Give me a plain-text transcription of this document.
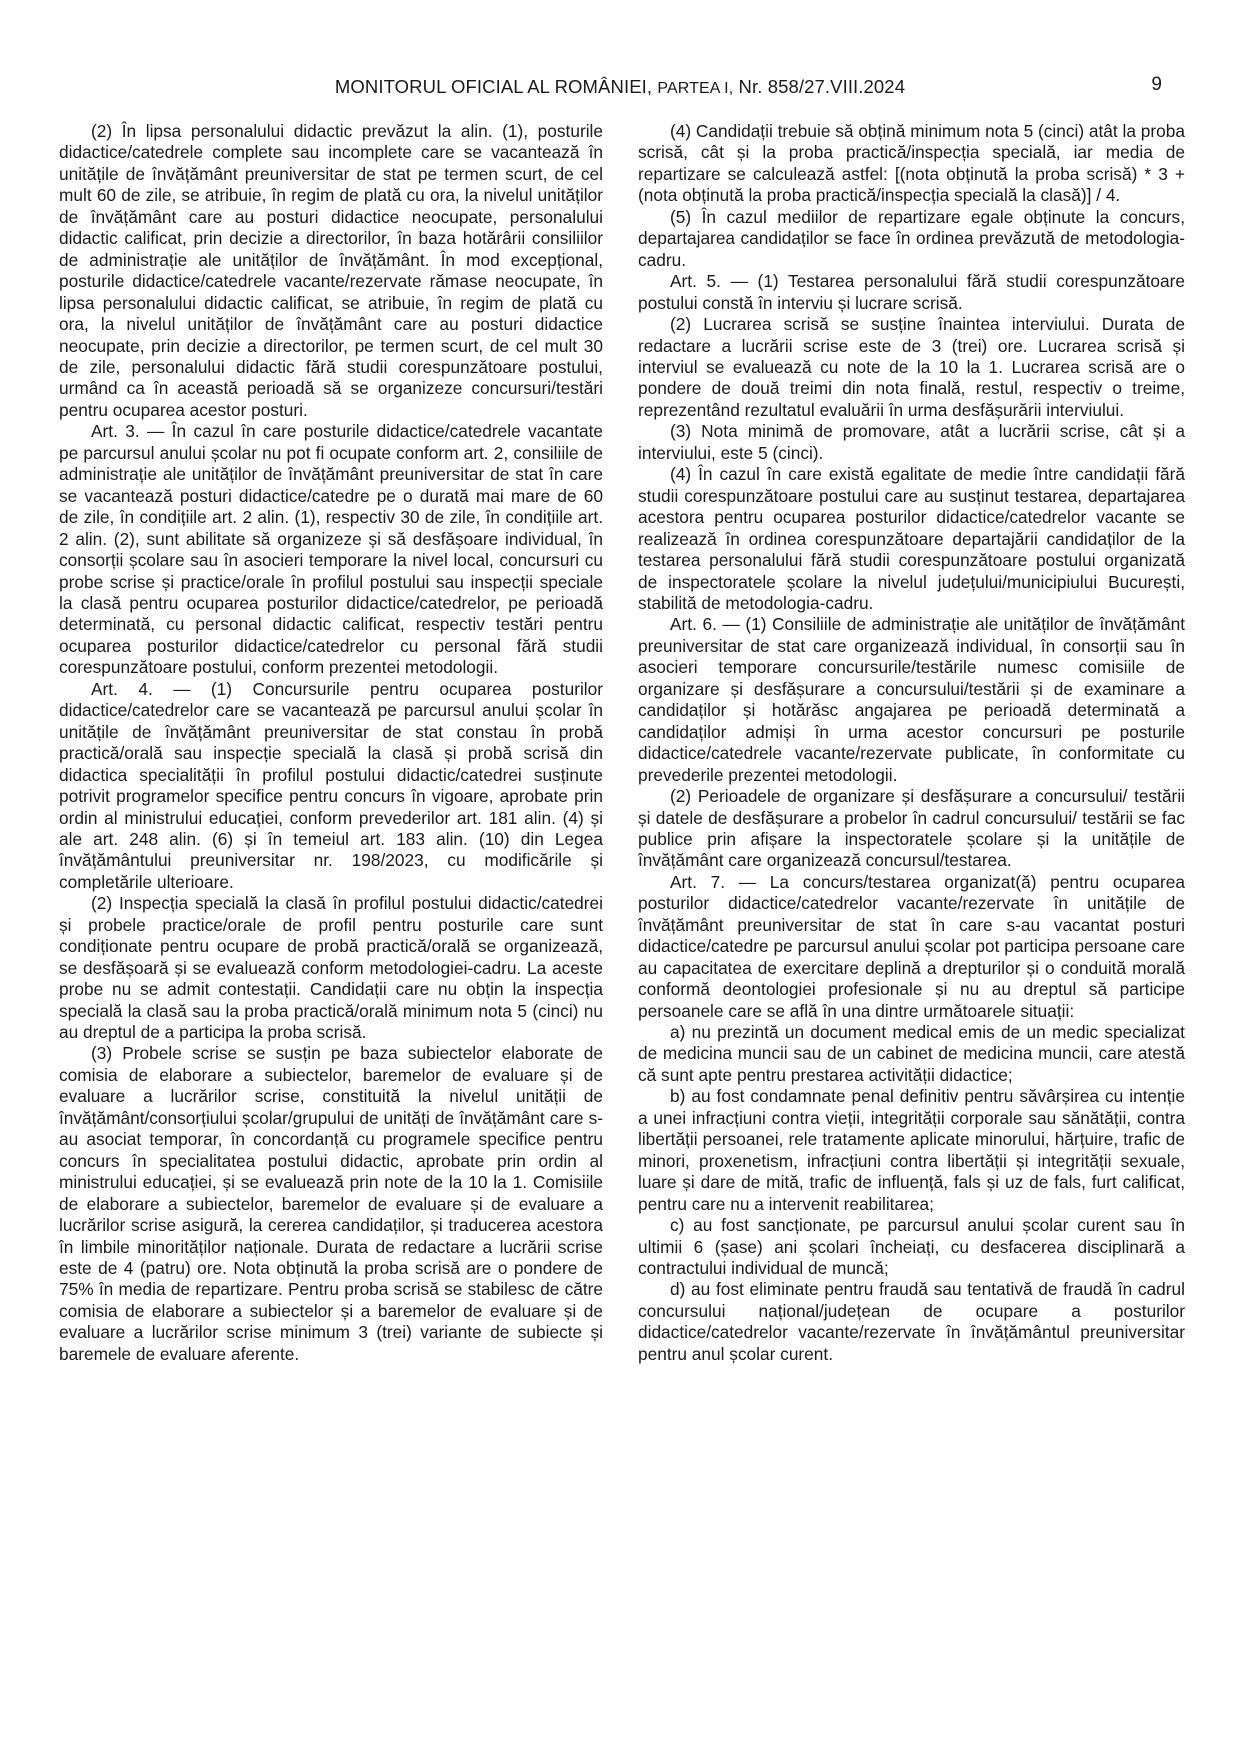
MONITORUL OFICIAL AL ROMÂNIEI, PARTEA I, Nr. 858/27.VIII.2024	9

(2) În lipsa personalului didactic prevăzut la alin. (1), posturile didactice/catedrele complete sau incomplete care se vacantează în unitățile de învățământ preuniversitar de stat pe termen scurt, de cel mult 60 de zile, se atribuie, în regim de plată cu ora, la nivelul unităților de învățământ care au posturi didactice neocupate, personalului didactic calificat, prin decizie a directorilor, în baza hotărârii consiliilor de administrație ale unităților de învățământ. În mod excepțional, posturile didactice/catedrele vacante/rezervate rămase neocupate, în lipsa personalului didactic calificat, se atribuie, în regim de plată cu ora, la nivelul unităților de învățământ care au posturi didactice neocupate, prin decizie a directorilor, pe termen scurt, de cel mult 30 de zile, personalului didactic fără studii corespunzătoare postului, urmând ca în această perioadă să se organizeze concursuri/testări pentru ocuparea acestor posturi.

Art. 3. — În cazul în care posturile didactice/catedrele vacantate pe parcursul anului școlar nu pot fi ocupate conform art. 2, consiliile de administrație ale unităților de învățământ preuniversitar de stat în care se vacantează posturi didactice/catedre pe o durată mai mare de 60 de zile, în condițiile art. 2 alin. (1), respectiv 30 de zile, în condițiile art. 2 alin. (2), sunt abilitate să organizeze și să desfășoare individual, în consorții școlare sau în asocieri temporare la nivel local, concursuri cu probe scrise și practice/orale în profilul postului sau inspecții speciale la clasă pentru ocuparea posturilor didactice/catedrelor, pe perioadă determinată, cu personal didactic calificat, respectiv testări pentru ocuparea posturilor didactice/catedrelor cu personal fără studii corespunzătoare postului, conform prezentei metodologii.

Art. 4. — (1) Concursurile pentru ocuparea posturilor didactice/catedrelor care se vacantează pe parcursul anului școlar în unitățile de învățământ preuniversitar de stat constau în probă practică/orală sau inspecție specială la clasă și probă scrisă din didactica specialității în profilul postului didactic/catedrei susținute potrivit programelor specifice pentru concurs în vigoare, aprobate prin ordin al ministrului educației, conform prevederilor art. 181 alin. (4) și ale art. 248 alin. (6) și în temeiul art. 183 alin. (10) din Legea învățământului preuniversitar nr. 198/2023, cu modificările și completările ulterioare.

(2) Inspecția specială la clasă în profilul postului didactic/catedrei și probele practice/orale de profil pentru posturile care sunt condiționate pentru ocupare de probă practică/orală se organizează, se desfășoară și se evaluează conform metodologiei-cadru. La aceste probe nu se admit contestații. Candidații care nu obțin la inspecția specială la clasă sau la proba practică/orală minimum nota 5 (cinci) nu au dreptul de a participa la proba scrisă.

(3) Probele scrise se susțin pe baza subiectelor elaborate de comisia de elaborare a subiectelor, baremelor de evaluare și de evaluare a lucrărilor scrise, constituită la nivelul unității de învățământ/consorțiului școlar/grupului de unități de învățământ care s-au asociat temporar, în concordanță cu programele specifice pentru concurs în specialitatea postului didactic, aprobate prin ordin al ministrului educației, și se evaluează prin note de la 10 la 1. Comisiile de elaborare a subiectelor, baremelor de evaluare și de evaluare a lucrărilor scrise asigură, la cererea candidaților, și traducerea acestora în limbile minorităților naționale. Durata de redactare a lucrării scrise este de 4 (patru) ore. Nota obținută la proba scrisă are o pondere de 75% în media de repartizare. Pentru proba scrisă se stabilesc de către comisia de elaborare a subiectelor și a baremelor de evaluare și de evaluare a lucrărilor scrise minimum 3 (trei) variante de subiecte și baremele de evaluare aferente.

(4) Candidații trebuie să obțină minimum nota 5 (cinci) atât la proba scrisă, cât și la proba practică/inspecția specială, iar media de repartizare se calculează astfel: [(nota obținută la proba scrisă) * 3 + (nota obținută la proba practică/inspecția specială la clasă)] / 4.

(5) În cazul mediilor de repartizare egale obținute la concurs, departajarea candidaților se face în ordinea prevăzută de metodologia-cadru.

Art. 5. — (1) Testarea personalului fără studii corespunzătoare postului constă în interviu și lucrare scrisă.

(2) Lucrarea scrisă se susține înaintea interviului. Durata de redactare a lucrării scrise este de 3 (trei) ore. Lucrarea scrisă și interviul se evaluează cu note de la 10 la 1. Lucrarea scrisă are o pondere de două treimi din nota finală, restul, respectiv o treime, reprezentând rezultatul evaluării în urma desfășurării interviului.

(3) Nota minimă de promovare, atât a lucrării scrise, cât și a interviului, este 5 (cinci).

(4) În cazul în care există egalitate de medie între candidații fără studii corespunzătoare postului care au susținut testarea, departajarea acestora pentru ocuparea posturilor didactice/catedrelor vacante se realizează în ordinea corespunzătoare departajării candidaților de la testarea personalului fără studii corespunzătoare postului organizată de inspectoratele școlare la nivelul județului/municipiului București, stabilită de metodologia-cadru.

Art. 6. — (1) Consiliile de administrație ale unităților de învățământ preuniversitar de stat care organizează individual, în consorții sau în asocieri temporare concursurile/testările numesc comisiile de organizare și desfășurare a concursului/testării și de examinare a candidaților și hotărăsc angajarea pe perioadă determinată a candidaților admiși în urma acestor concursuri pe posturile didactice/catedrele vacante/rezervate publicate, în conformitate cu prevederile prezentei metodologii.

(2) Perioadele de organizare și desfășurare a concursului/ testării și datele de desfășurare a probelor în cadrul concursului/ testării se fac publice prin afișare la inspectoratele școlare și la unitățile de învățământ care organizează concursul/testarea.

Art. 7. — La concurs/testarea organizat(ă) pentru ocuparea posturilor didactice/catedrelor vacante/rezervate în unitățile de învățământ preuniversitar de stat în care s-au vacantat posturi didactice/catedre pe parcursul anului școlar pot participa persoane care au capacitatea de exercitare deplină a drepturilor și o conduită morală conformă deontologiei profesionale și nu au dreptul să participe persoanele care se află în una dintre următoarele situații:

a) nu prezintă un document medical emis de un medic specializat de medicina muncii sau de un cabinet de medicina muncii, care atestă că sunt apte pentru prestarea activității didactice;

b) au fost condamnate penal definitiv pentru săvârșirea cu intenție a unei infracțiuni contra vieții, integrității corporale sau sănătății, contra libertății persoanei, rele tratamente aplicate minorului, hărțuire, trafic de minori, proxenetism, infracțiuni contra libertății și integrității sexuale, luare și dare de mită, trafic de influență, fals și uz de fals, furt calificat, pentru care nu a intervenit reabilitarea;

c) au fost sancționate, pe parcursul anului școlar curent sau în ultimii 6 (șase) ani școlari încheiați, cu desfacerea disciplinară a contractului individual de muncă;

d) au fost eliminate pentru fraudă sau tentativă de fraudă în cadrul concursului național/județean de ocupare a posturilor didactice/catedrelor vacante/rezervate în învățământul preuniversitar pentru anul școlar curent.
